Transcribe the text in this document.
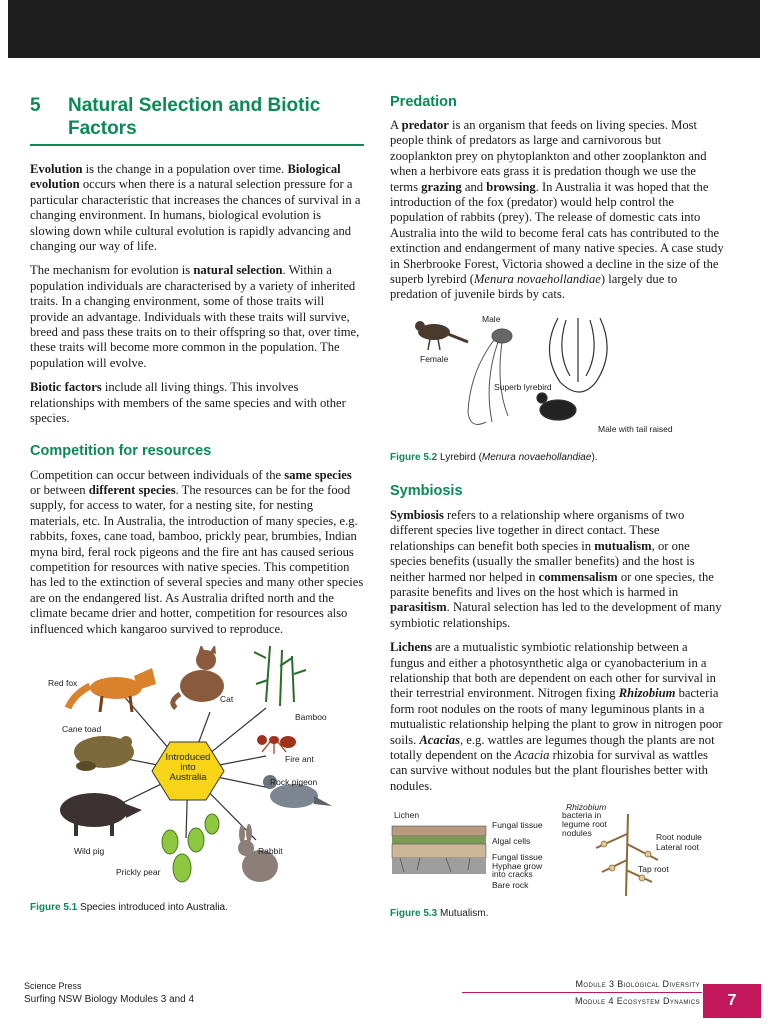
5	Natural Selection and Biotic Factors

Evolution is the change in a population over time. Biological evolution occurs when there is a natural selection pressure for a particular characteristic that increases the chances of survival in a changing environment. In humans, biological evolution is slowing down while cultural evolution is rapidly advancing and changing our way of life.

The mechanism for evolution is natural selection. Within a population individuals are characterised by a variety of inherited traits. In a changing environment, some of those traits will provide an advantage. Individuals with these traits will survive, breed and pass these traits on to their offspring so that, over time, these traits will become more common in the population. The population will evolve.

Biotic factors include all living things. This involves relationships with members of the same species and with other species.

Competition for resources

Competition can occur between individuals of the same species or between different species. The resources can be for the food supply, for access to water, for a nesting site, for nesting materials, etc. In Australia, the introduction of many species, e.g. rabbits, foxes, cane toad, bamboo, prickly pear, brumbies, Indian myna bird, feral rock pigeons and the fire ant has caused serious competition for resources with native species. This competition has led to the extinction of several species and many other species are on the endangered list. As Australia drifted north and the climate became drier and hotter, competition for resources also influenced which kangaroo survived to reproduce.

Introduced into Australia
Red fox
Cat
Bamboo
Cane toad
Fire ant
Rock pigeon
Wild pig	Rabbit
Prickly pear
Figure 5.1 Species introduced into Australia.
Predation

A predator is an organism that feeds on living species. Most people think of predators as large and carnivorous but zooplankton prey on phytoplankton and other zooplankton and when a herbivore eats grass it is predation though we use the terms grazing and browsing. In Australia it was hoped that the introduction of the fox (predator) would help control the population of rabbits (prey). The release of domestic cats into Australia into the wild to become feral cats has contributed to the extinction and endangerment of many native species. A case study in Sherbrooke Forest, Victoria showed a decline in the size of the superb lyrebird (Menura novaehollandiae) largely due to predation of juvenile birds by cats.

Male
Female
Superb lyrebird
Male with tail raised
Figure 5.2 Lyrebird (Menura novaehollandiae).
Symbiosis

Symbiosis refers to a relationship where organisms of two different species live together in direct contact. These relationships can benefit both species in mutualism, or one species benefits (usually the smaller benefits) and the host is neither harmed nor helped in commensalism or one species, the parasite benefits and lives on the host which is harmed in parasitism. Natural selection has led to the development of many symbiotic relationships.

Lichens are a mutualistic symbiotic relationship between a fungus and either a photosynthetic alga or cyanobacterium in a relationship that both are dependent on each other for survival in their terrestrial environment. Nitrogen fixing Rhizobium bacteria form root nodules on the roots of many leguminous plants in a mutualistic relationship helping the plant to grow in nitrogen poor soils. Acacias, e.g. wattles are legumes though the plants are not totally dependent on the Acacia rhizobia for survival as wattles can survive without nodules but the plant flourishes better with nodules.

Lichen
Fungal tissue
Algal cells
Fungal tissue
Hyphae grow into cracks
Bare rock
Rhizobium
bacteria in legume root nodules	Root nodule
Lateral root
Tap root
Figure 5.3 Mutualism.
Science Press
Surfing NSW Biology Modules 3 and 4
Module 3 Biological Diversity
Module 4 Ecosystem Dynamics	7
